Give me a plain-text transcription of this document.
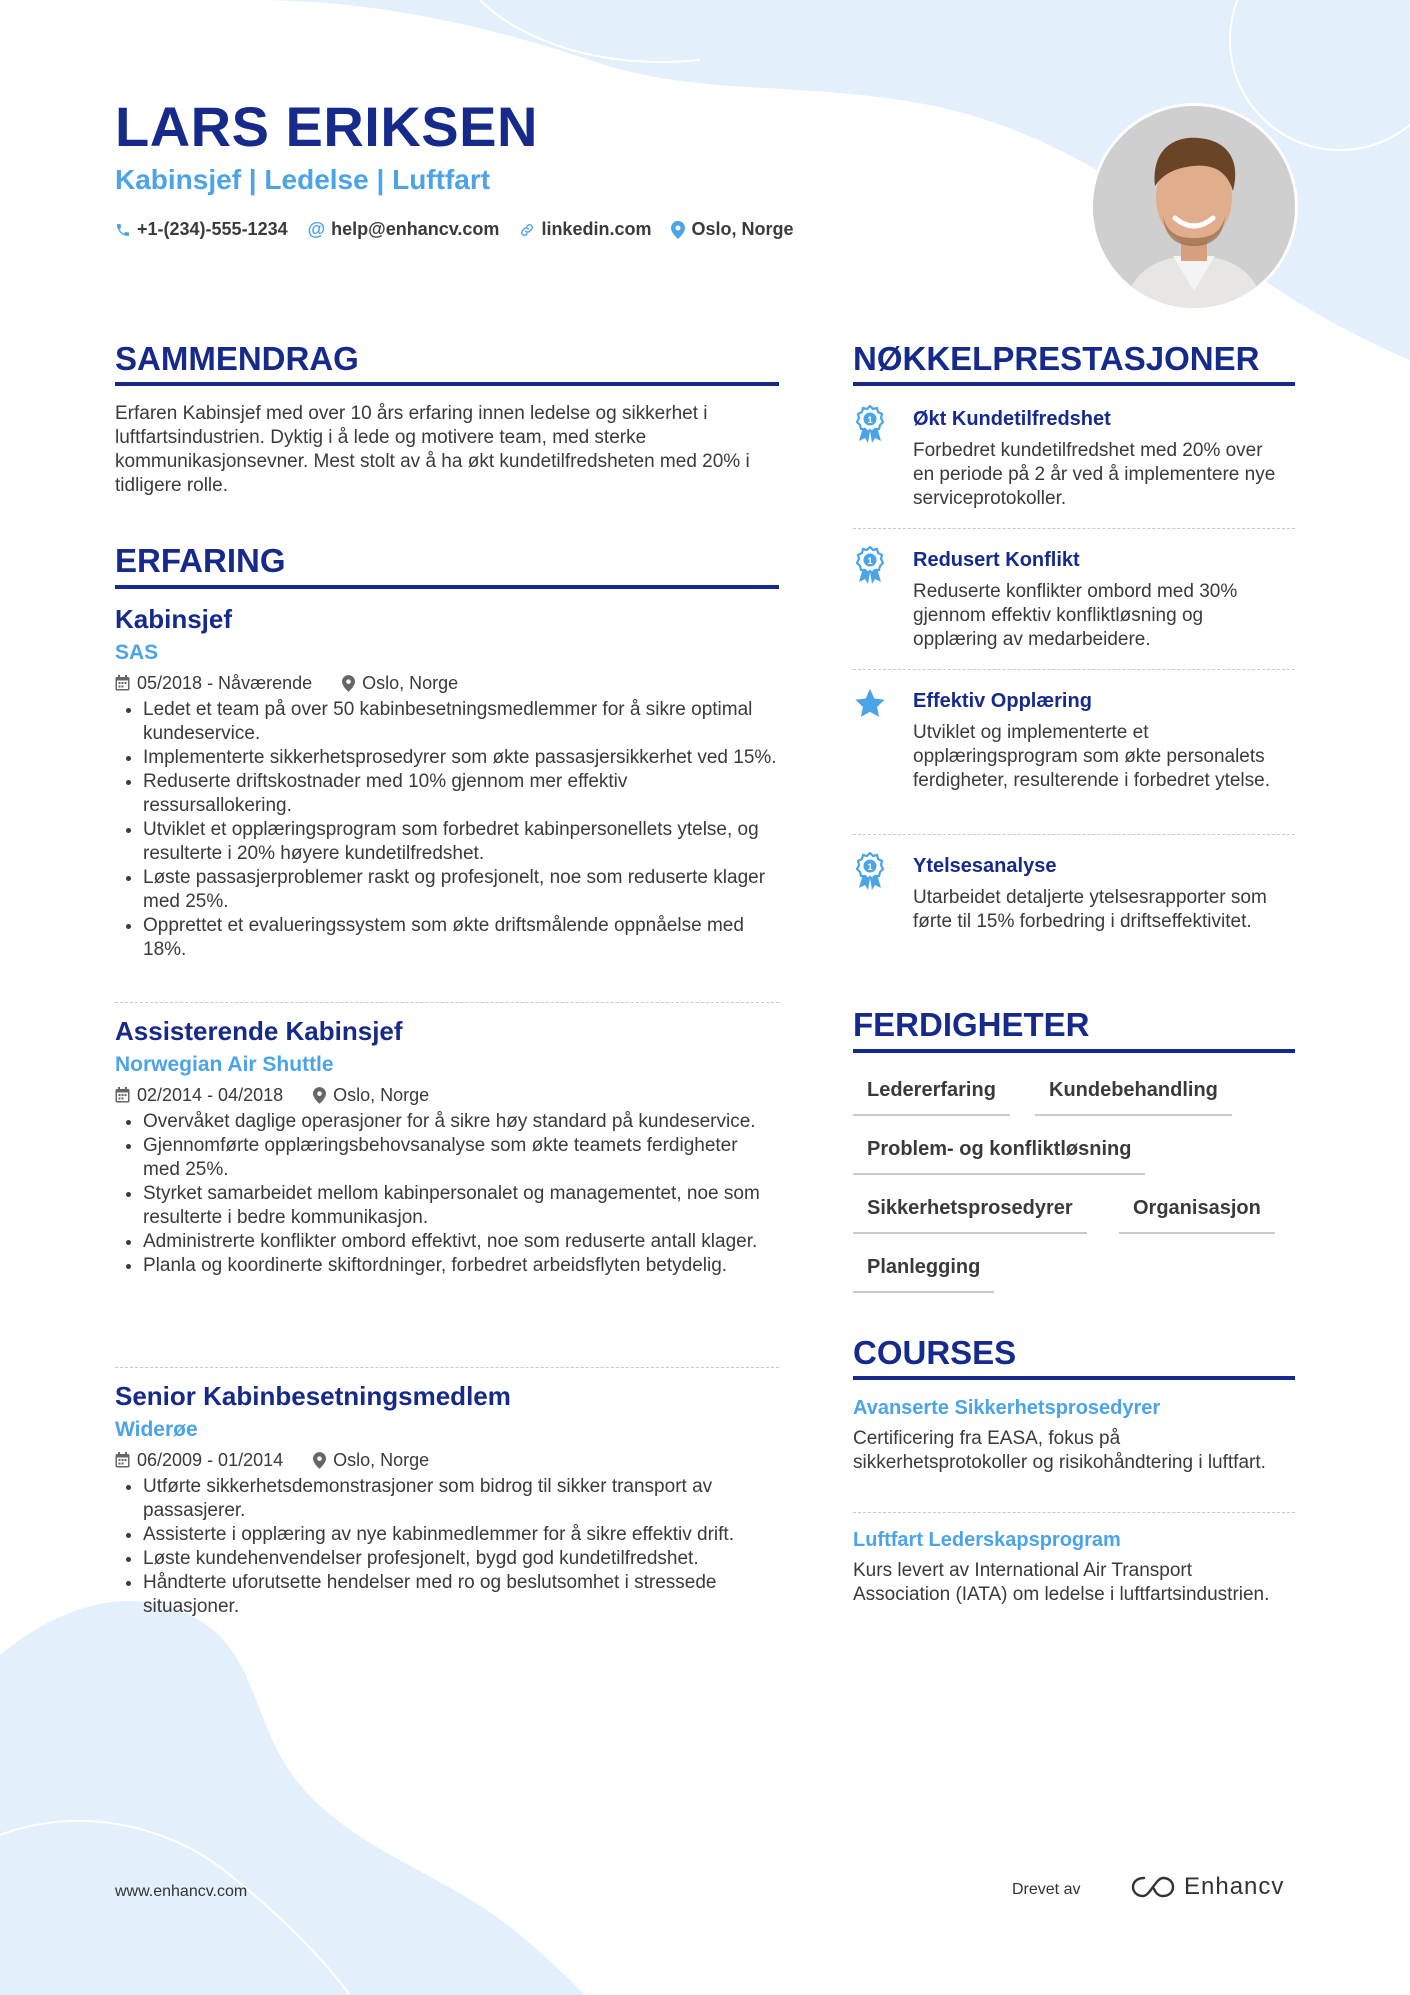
LARS ERIKSEN
Kabinsjef | Ledelse | Luftfart
+1-(234)-555-1234 @ help@enhancv.com linkedin.com Oslo, Norge
SAMMENDRAG
Erfaren Kabinsjef med over 10 års erfaring innen ledelse og sikkerhet i luftfartsindustrien. Dyktig i å lede og motivere team, med sterke kommunikasjonsevner. Mest stolt av å ha økt kundetilfredsheten med 20% i tidligere rolle.
ERFARING
Kabinsjef
SAS
05/2018 - Nåværende	Oslo, Norge
• Ledet et team på over 50 kabinbesetningsmedlemmer for å sikre optimal kundeservice.
• Implementerte sikkerhetsprosedyrer som økte passasjersikkerhet ved 15%.
• Reduserte driftskostnader med 10% gjennom mer effektiv ressursallokering.
• Utviklet et opplæringsprogram som forbedret kabinpersonellets ytelse, og resulterte i 20% høyere kundetilfredshet.
• Løste passasjerproblemer raskt og profesjonelt, noe som reduserte klager med 25%.
• Opprettet et evalueringssystem som økte driftsmålende oppnåelse med 18%.
Assisterende Kabinsjef
Norwegian Air Shuttle
02/2014 - 04/2018	Oslo, Norge
• Overvåket daglige operasjoner for å sikre høy standard på kundeservice.
• Gjennomførte opplæringsbehovsanalyse som økte teamets ferdigheter med 25%.
• Styrket samarbeidet mellom kabinpersonalet og managementet, noe som resulterte i bedre kommunikasjon.
• Administrerte konflikter ombord effektivt, noe som reduserte antall klager.
• Planla og koordinerte skiftordninger, forbedret arbeidsflyten betydelig.
Senior Kabinbesetningsmedlem
Widerøe
06/2009 - 01/2014	Oslo, Norge
• Utførte sikkerhetsdemonstrasjoner som bidrog til sikker transport av passasjerer.
• Assisterte i opplæring av nye kabinmedlemmer for å sikre effektiv drift.
• Løste kundehenvendelser profesjonelt, bygd god kundetilfredshet.
• Håndterte uforutsette hendelser med ro og beslutsomhet i stressede situasjoner.
NØKKELPRESTASJONER
1 Økt Kundetilfredshet
Forbedret kundetilfredshet med 20% over en periode på 2 år ved å implementere nye serviceprotokoller.
1 Redusert Konflikt
Reduserte konflikter ombord med 30% gjennom effektiv konfliktløsning og opplæring av medarbeidere.
Effektiv Opplæring
Utviklet og implementerte et opplæringsprogram som økte personalets ferdigheter, resulterende i forbedret ytelse.
1 Ytelsesanalyse
Utarbeidet detaljerte ytelsesrapporter som førte til 15% forbedring i driftseffektivitet.
FERDIGHETER
Ledererfaring	Kundebehandling
Problem- og konfliktløsning
Sikkerhetsprosedyrer	Organisasjon
Planlegging
COURSES
Avanserte Sikkerhetsprosedyrer
Certificering fra EASA, fokus på sikkerhetsprotokoller og risikohåndtering i luftfart.
Luftfart Lederskapsprogram
Kurs levert av International Air Transport Association (IATA) om ledelse i luftfartsindustrien.
www.enhancv.com	Drevet av	Enhancv
